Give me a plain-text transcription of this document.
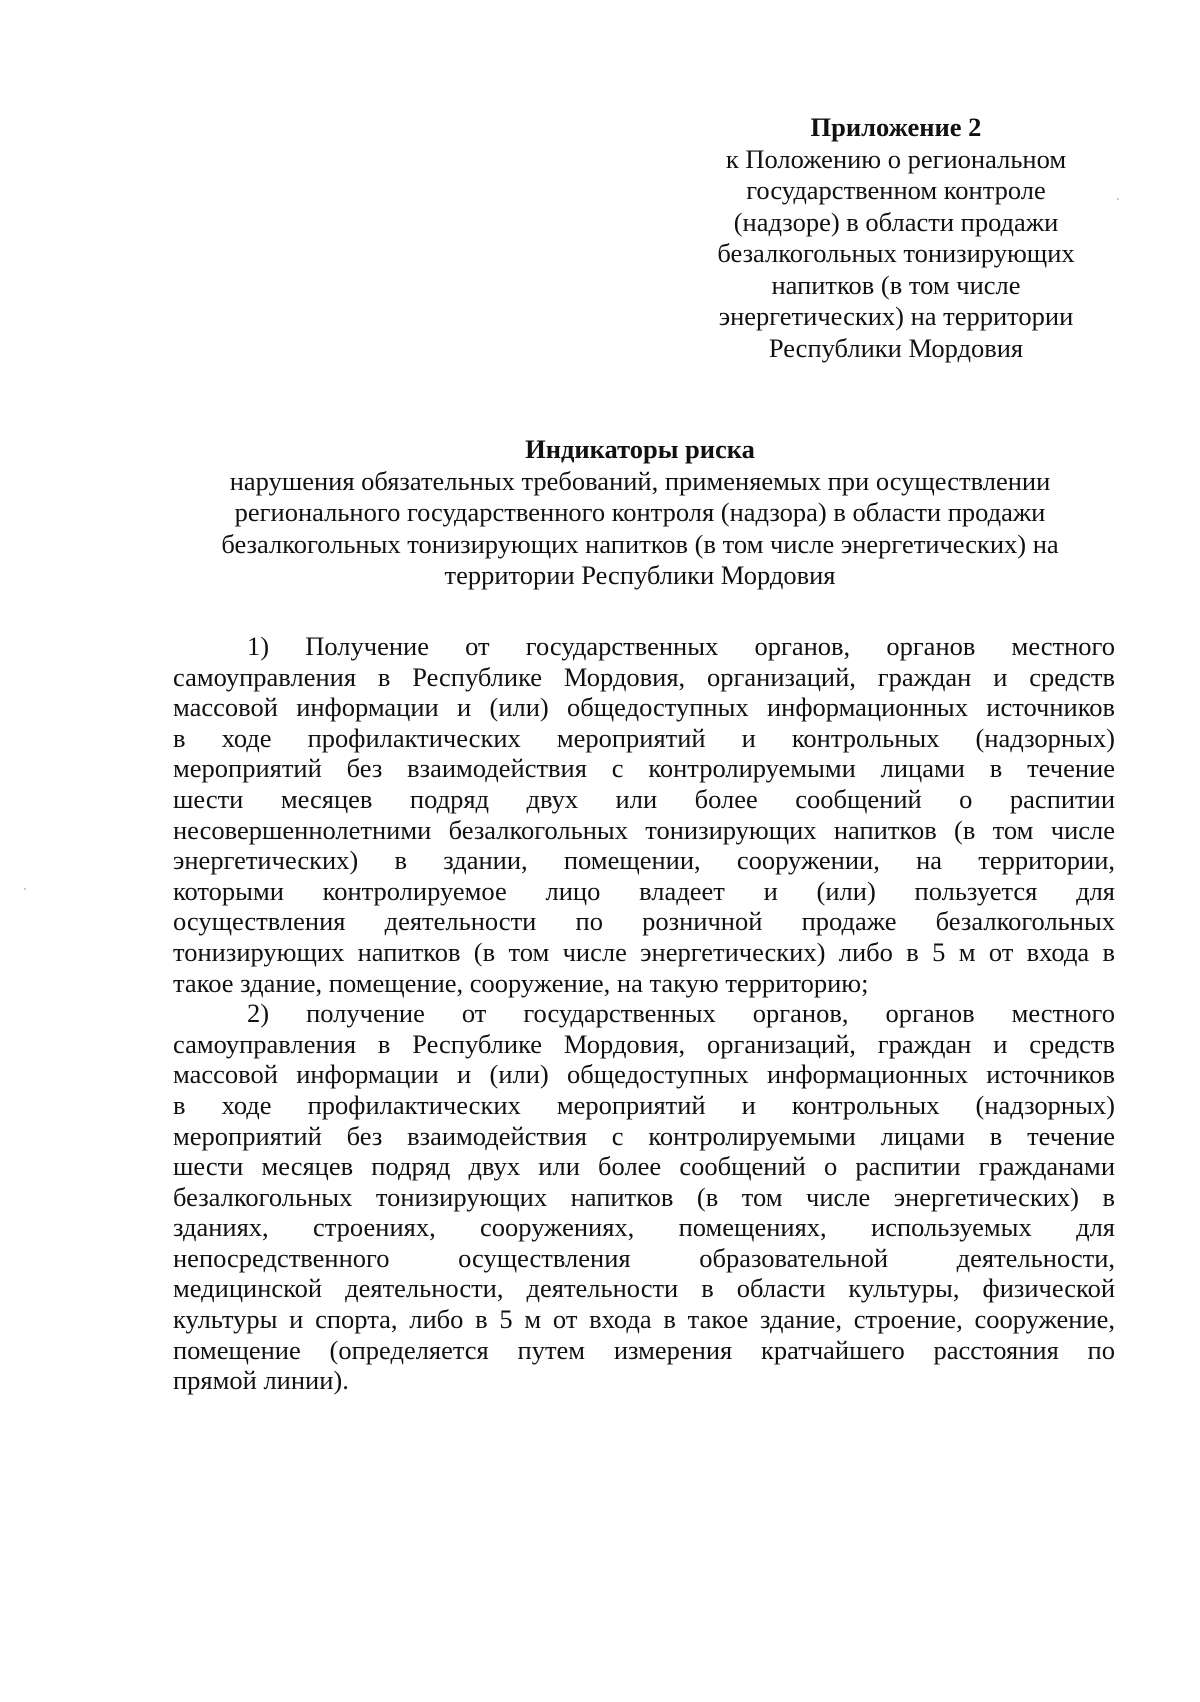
Приложение 2
к Положению о региональном
государственном контроле
(надзоре) в области продажи
безалкогольных тонизирующих
напитков (в том числе
энергетических) на территории
Республики Мордовия
Индикаторы риска
нарушения обязательных требований, применяемых при осуществлении
регионального государственного контроля (надзора) в области продажи
безалкогольных тонизирующих напитков (в том числе энергетических) на
территории Республики Мордовия
1) Получение от государственных органов, органов местного
самоуправления в Республике Мордовия, организаций, граждан и средств
массовой информации и (или) общедоступных информационных источников
в ходе профилактических мероприятий и контрольных (надзорных)
мероприятий без взаимодействия с контролируемыми лицами в течение
шести месяцев подряд двух или более сообщений о распитии
несовершеннолетними безалкогольных тонизирующих напитков (в том числе
энергетических) в здании, помещении, сооружении, на территории,
которыми контролируемое лицо владеет и (или) пользуется для
осуществления деятельности по розничной продаже безалкогольных
тонизирующих напитков (в том числе энергетических) либо в 5 м от входа в
такое здание, помещение, сооружение, на такую территорию;
2) получение от государственных органов, органов местного
самоуправления в Республике Мордовия, организаций, граждан и средств
массовой информации и (или) общедоступных информационных источников
в ходе профилактических мероприятий и контрольных (надзорных)
мероприятий без взаимодействия с контролируемыми лицами в течение
шести месяцев подряд двух или более сообщений о распитии гражданами
безалкогольных тонизирующих напитков (в том числе энергетических) в
зданиях, строениях, сооружениях, помещениях, используемых для
непосредственного осуществления образовательной деятельности,
медицинской деятельности, деятельности в области культуры, физической
культуры и спорта, либо в 5 м от входа в такое здание, строение, сооружение,
помещение (определяется путем измерения кратчайшего расстояния по
прямой линии).
